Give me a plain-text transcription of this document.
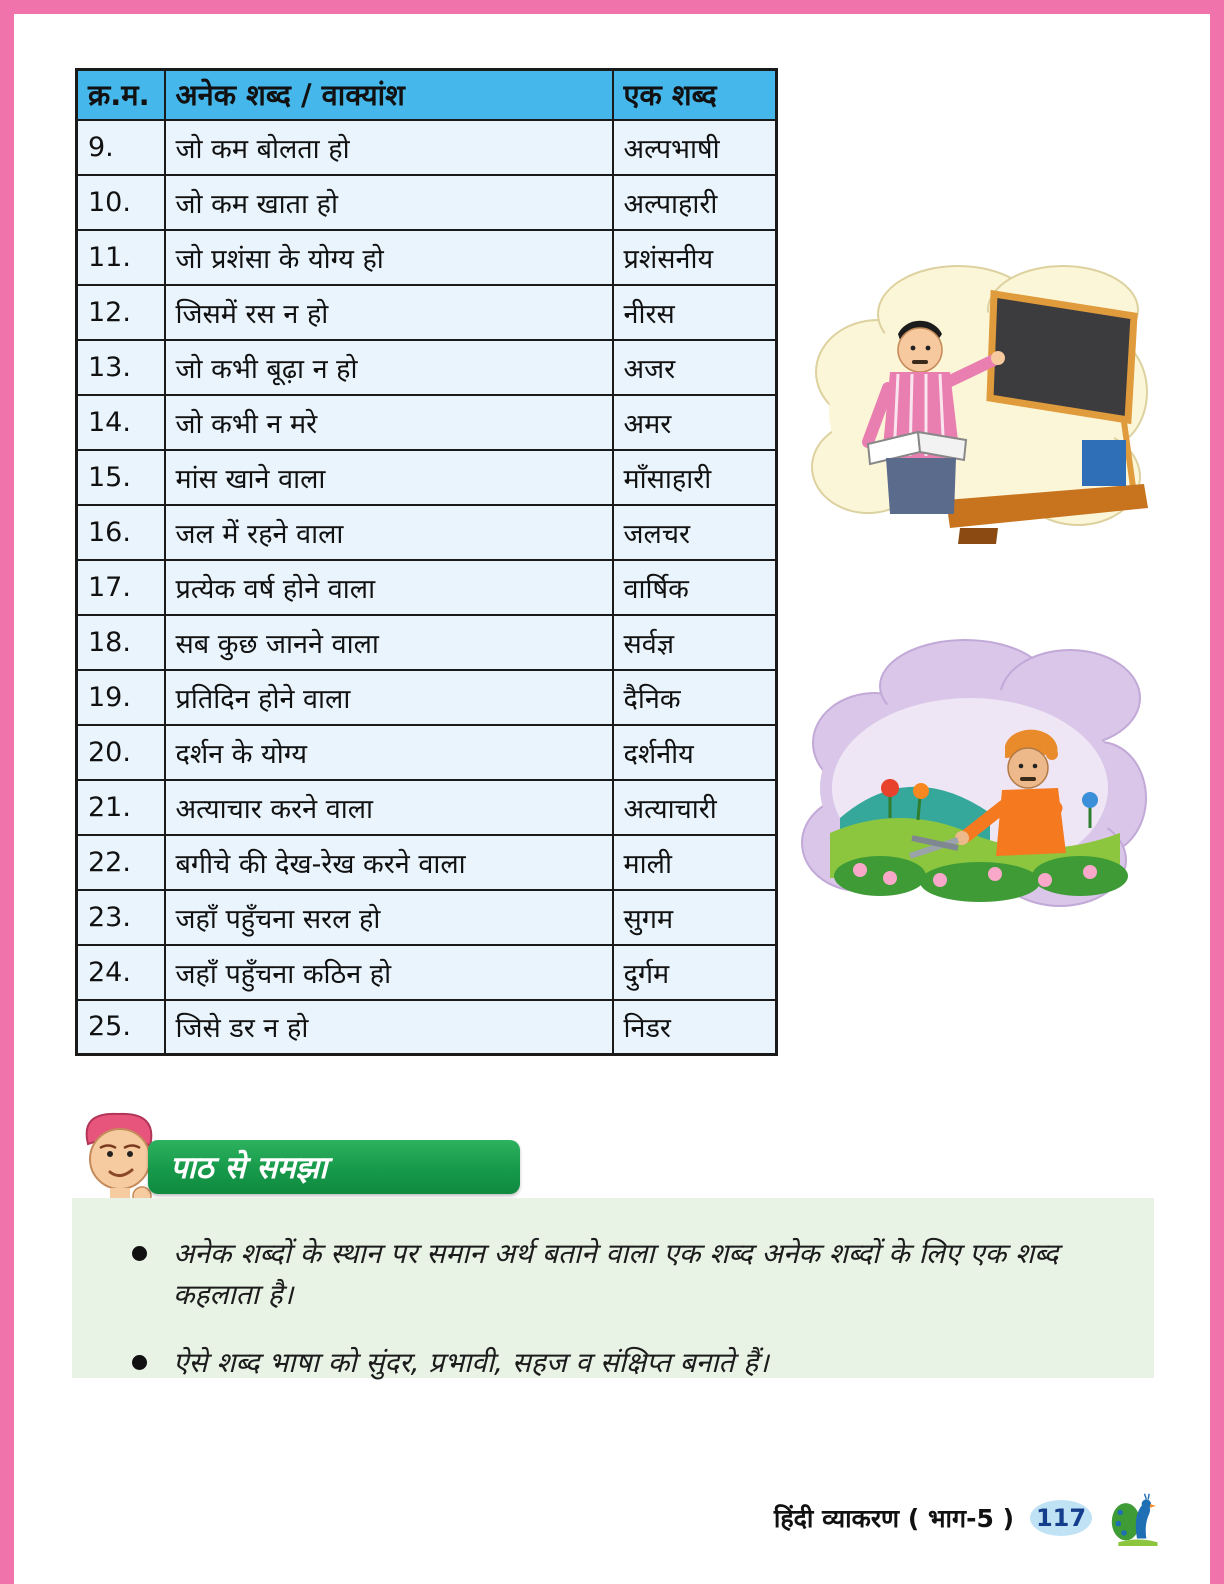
क्र.म.	अनेक शब्द / वाक्यांश	एक शब्द
9.	जो कम बोलता हो	अल्पभाषी
10.	जो कम खाता हो	अल्पाहारी
11.	जो प्रशंसा के योग्य हो	प्रशंसनीय
12.	जिसमें रस न हो	नीरस
13.	जो कभी बूढ़ा न हो	अजर
14.	जो कभी न मरे	अमर
15.	मांस खाने वाला	माँसाहारी
16.	जल में रहने वाला	जलचर
17.	प्रत्येक वर्ष होने वाला	वार्षिक
18.	सब कुछ जानने वाला	सर्वज्ञ
19.	प्रतिदिन होने वाला	दैनिक
20.	दर्शन के योग्य	दर्शनीय
21.	अत्याचार करने वाला	अत्याचारी
22.	बगीचे की देख-रेख करने वाला	माली
23.	जहाँ पहुँचना सरल हो	सुगम
24.	जहाँ पहुँचना कठिन हो	दुर्गम
25.	जिसे डर न हो	निडर
पाठ से समझा
अनेक शब्दों के स्थान पर समान अर्थ बताने वाला एक शब्द अनेक शब्दों के लिए एक शब्द कहलाता है।
ऐसे शब्द भाषा को सुंदर, प्रभावी, सहज व संक्षिप्त बनाते हैं।
हिंदी व्याकरण ( भाग-5 ) 117
